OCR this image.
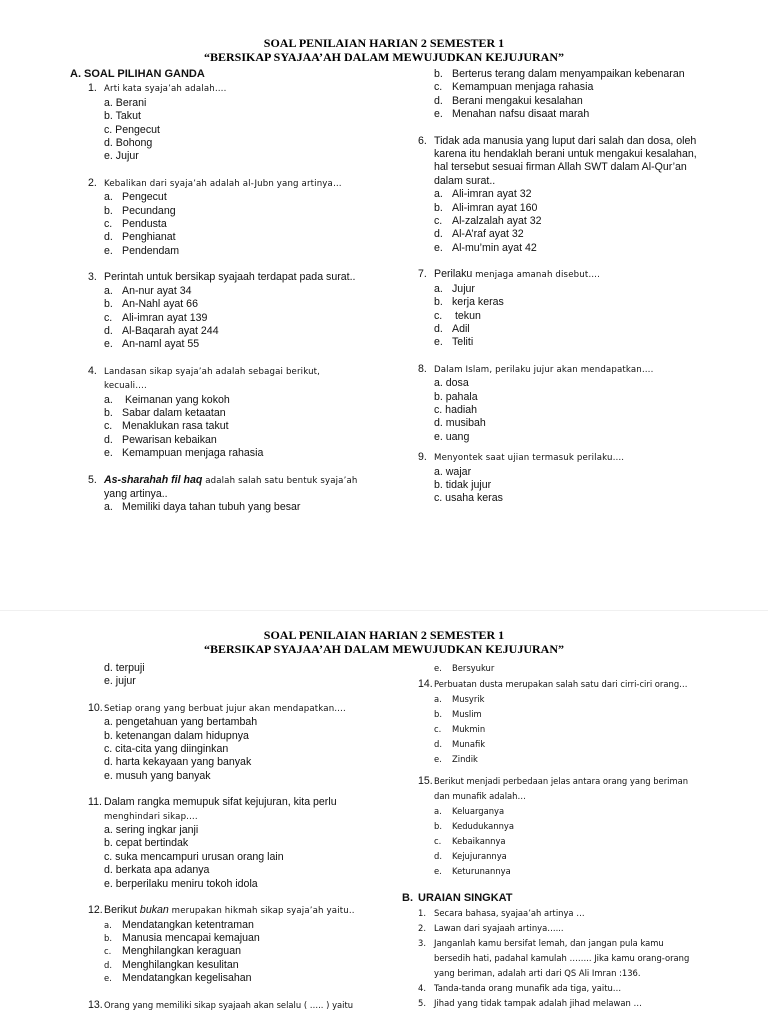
SOAL PENILAIAN HARIAN 2 SEMESTER 1
“BERSIKAP SYAJAA’AH DALAM MEWUJUDKAN KEJUJURAN”
A. SOAL PILIHAN GANDA
1. Arti kata syaja’ah adalah….
a. Berani
b. Takut
c. Pengecut
d. Bohong
e. Jujur
2. Kebalikan dari syaja’ah adalah al-Jubn yang artinya…
a. Pengecut
b. Pecundang
c. Pendusta
d. Penghianat
e. Pendendam
3. Perintah untuk bersikap syajaah terdapat pada surat..
a. An-nur ayat 34
b. An-Nahl ayat 66
c. Ali-imran ayat 139
d. Al-Baqarah ayat 244
e. An-naml ayat 55
4. Landasan sikap syaja’ah adalah sebagai berikut,
kecuali….
a. Keimanan yang kokoh
b. Sabar dalam ketaatan
c. Menaklukan rasa takut
d. Pewarisan kebaikan
e. Kemampuan menjaga rahasia
5. As-sharahah fil haq adalah salah satu bentuk syaja’ah
yang artinya..
a. Memiliki daya tahan tubuh yang besar
b. Berterus terang dalam menyampaikan kebenaran
c. Kemampuan menjaga rahasia
d. Berani mengakui kesalahan
e. Menahan nafsu disaat marah
6. Tidak ada manusia yang luput dari salah dan dosa, oleh
karena itu hendaklah berani untuk mengakui kesalahan,
hal tersebut sesuai firman Allah SWT dalam Al-Qur’an
dalam surat..
a. Ali-imran ayat 32
b. Ali-imran ayat 160
c. Al-zalzalah ayat 32
d. Al-A’raf ayat 32
e. Al-mu’min ayat 42
7. Perilaku menjaga amanah disebut….
a. Jujur
b. kerja keras
c. tekun
d. Adil
e. Teliti
8. Dalam Islam, perilaku jujur akan mendapatkan….
a. dosa
b. pahala
c. hadiah
d. musibah
e. uang
9. Menyontek saat ujian termasuk perilaku….
a. wajar
b. tidak jujur
c. usaha keras
SOAL PENILAIAN HARIAN 2 SEMESTER 1
“BERSIKAP SYAJAA’AH DALAM MEWUJUDKAN KEJUJURAN”
d. terpuji
e. jujur
10. Setiap orang yang berbuat jujur akan mendapatkan….
a. pengetahuan yang bertambah
b. ketenangan dalam hidupnya
c. cita-cita yang diinginkan
d. harta kekayaan yang banyak
e. musuh yang banyak
11. Dalam rangka memupuk sifat kejujuran, kita perlu
menghindari sikap….
a. sering ingkar janji
b. cepat bertindak
c. suka mencampuri urusan orang lain
d. berkata apa adanya
e. berperilaku meniru tokoh idola
12. Berikut bukan merupakan hikmah sikap syaja’ah yaitu..
a. Mendatangkan ketentraman
b. Manusia mencapai kemajuan
c. Menghilangkan keraguan
d. Menghilangkan kesulitan
e. Mendatangkan kegelisahan
13. Orang yang memiliki sikap syajaah akan selalu ( ….. ) yaitu
e. Bersyukur
14. Perbuatan dusta merupakan salah satu dari cirri-ciri orang…
a. Musyrik
b. Muslim
c. Mukmin
d. Munafik
e. Zindik
15. Berikut menjadi perbedaan jelas antara orang yang beriman
dan munafik adalah…
a. Keluarganya
b. Kedudukannya
c. Kebaikannya
d. Kejujurannya
e. Keturunannya
B. URAIAN SINGKAT
1. Secara bahasa, syajaa’ah artinya …
2. Lawan dari syajaah artinya…...
3. Janganlah kamu bersifat lemah, dan jangan pula kamu
bersedih hati, padahal kamulah …….. Jika kamu orang-orang
yang beriman, adalah arti dari QS Ali Imran :136.
4. Tanda-tanda orang munafik ada tiga, yaitu…
5. Jihad yang tidak tampak adalah jihad melawan …
